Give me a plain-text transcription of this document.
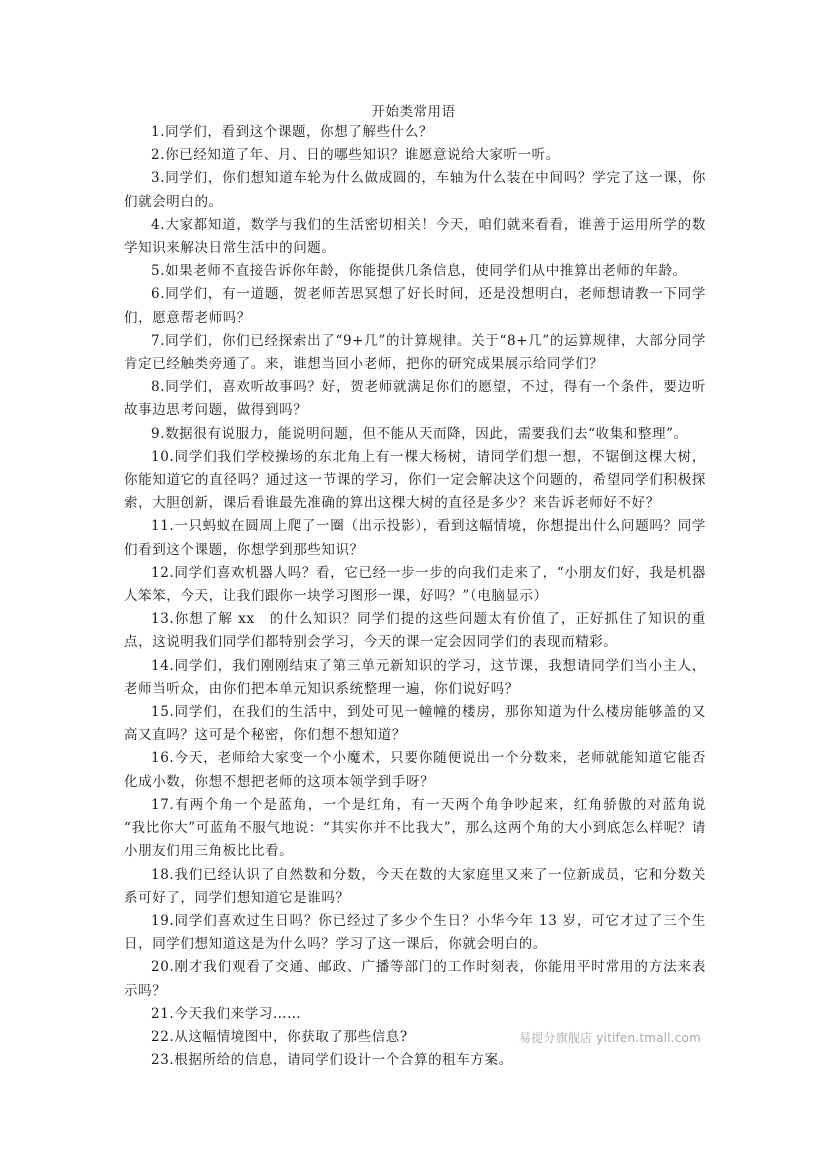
开始类常用语

1.同学们，看到这个课题，你想了解些什么？

2.你已经知道了年、月、日的哪些知识？谁愿意说给大家听一听。

3.同学们，你们想知道车轮为什么做成圆的，车轴为什么装在中间吗？学完了这一课，你们就会明白的。

4.大家都知道，数学与我们的生活密切相关！今天，咱们就来看看，谁善于运用所学的数学知识来解决日常生活中的问题。

5.如果老师不直接告诉你年龄，你能提供几条信息，使同学们从中推算出老师的年龄。

6.同学们，有一道题，贺老师苦思冥想了好长时间，还是没想明白，老师想请教一下同学们，愿意帮老师吗？

7.同学们，你们已经探索出了“9+几”的计算规律。关于“8+几”的运算规律，大部分同学肯定已经触类旁通了。来，谁想当回小老师，把你的研究成果展示给同学们？

8.同学们，喜欢听故事吗？好，贺老师就满足你们的愿望，不过，得有一个条件，要边听故事边思考问题，做得到吗？

9.数据很有说服力，能说明问题，但不能从天而降，因此，需要我们去“收集和整理”。

10.同学们我们学校操场的东北角上有一棵大杨树，请同学们想一想，不锯倒这棵大树，你能知道它的直径吗？通过这一节课的学习，你们一定会解决这个问题的，希望同学们积极探索，大胆创新，课后看谁最先准确的算出这棵大树的直径是多少？来告诉老师好不好？

11.一只蚂蚁在圆周上爬了一圈（出示投影），看到这幅情境，你想提出什么问题吗？同学们看到这个课题，你想学到那些知识？

12.同学们喜欢机器人吗？看，它已经一步一步的向我们走来了，“小朋友们好，我是机器人笨笨，今天，让我们跟你一块学习图形一课，好吗？”（电脑显示）

13.你想了解 xx　的什么知识？同学们提的这些问题太有价值了，正好抓住了知识的重点，这说明我们同学们都特别会学习，今天的课一定会因同学们的表现而精彩。

14.同学们，我们刚刚结束了第三单元新知识的学习，这节课，我想请同学们当小主人，老师当听众，由你们把本单元知识系统整理一遍，你们说好吗？

15.同学们，在我们的生活中，到处可见一幢幢的楼房，那你知道为什么楼房能够盖的又高又直吗？这可是个秘密，你们想不想知道？

16.今天，老师给大家变一个小魔术，只要你随便说出一个分数来，老师就能知道它能否化成小数，你想不想把老师的这项本领学到手呀？

17.有两个角一个是蓝角，一个是红角，有一天两个角争吵起来，红角骄傲的对蓝角说 “我比你大”可蓝角不服气地说：“其实你并不比我大”，那么这两个角的大小到底怎么样呢？请小朋友们用三角板比比看。

18.我们已经认识了自然数和分数，今天在数的大家庭里又来了一位新成员，它和分数关系可好了，同学们想知道它是谁吗？

19.同学们喜欢过生日吗？你已经过了多少个生日？小华今年 13 岁，可它才过了三个生日，同学们想知道这是为什么吗？学习了这一课后，你就会明白的。

20.刚才我们观看了交通、邮政、广播等部门的工作时刻表，你能用平时常用的方法来表示吗？

21.今天我们来学习……

22.从这幅情境图中，你获取了那些信息?

23.根据所给的信息，请同学们设计一个合算的租车方案。

易提分旗舰店 yitifen.tmall.com
